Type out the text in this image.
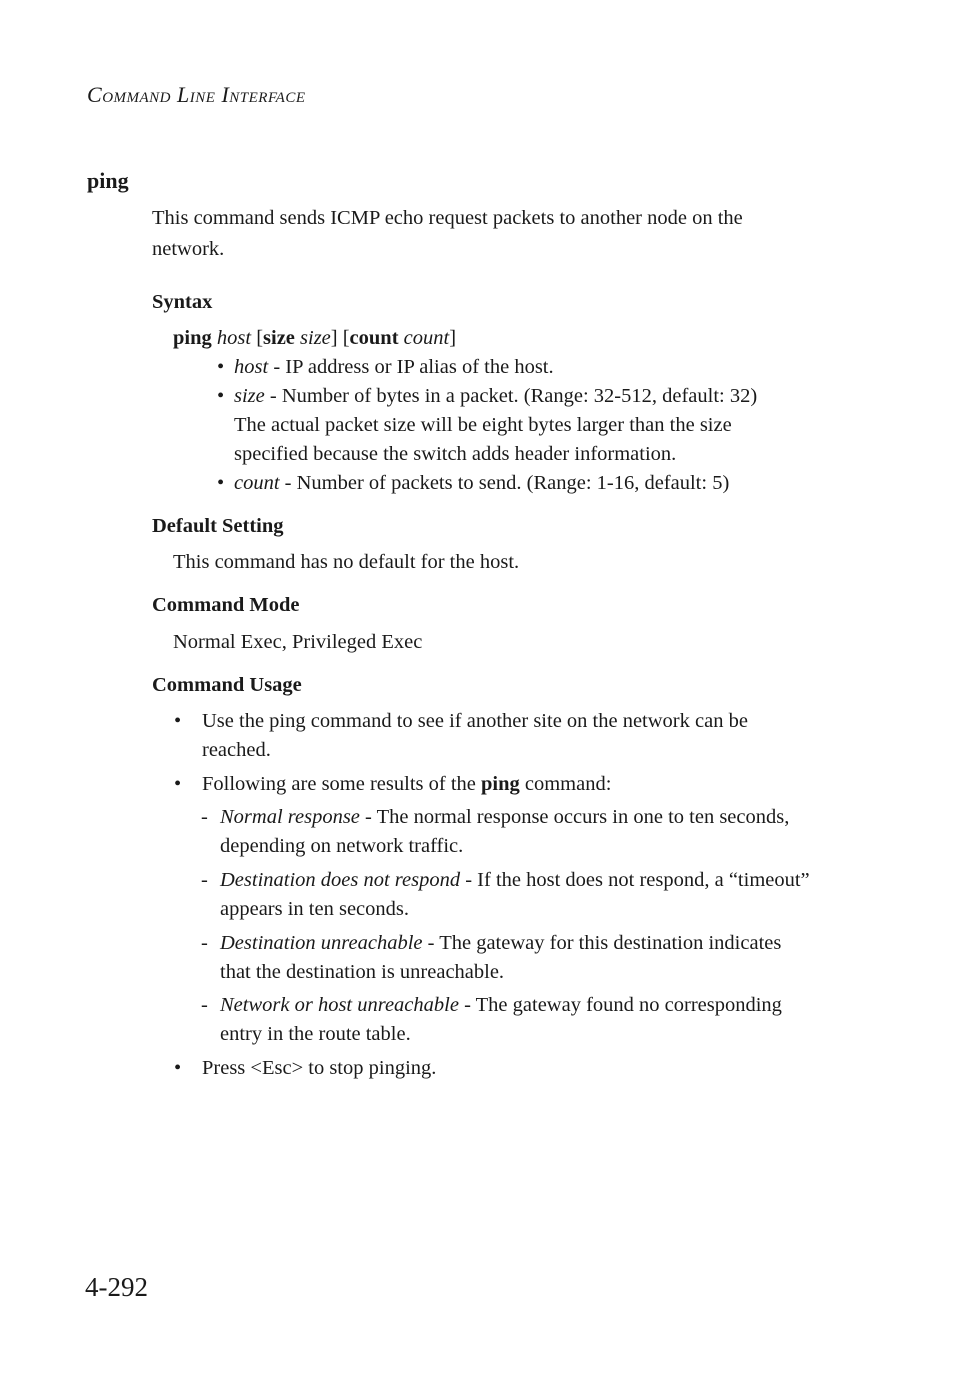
COMMAND LINE INTERFACE
ping
This command sends ICMP echo request packets to another node on the
network.
Syntax
ping host [size size] [count count]
• host - IP address or IP alias of the host.
• size - Number of bytes in a packet. (Range: 32-512, default: 32)
The actual packet size will be eight bytes larger than the size
specified because the switch adds header information.
• count - Number of packets to send. (Range: 1-16, default: 5)
Default Setting
This command has no default for the host.
Command Mode
Normal Exec, Privileged Exec
Command Usage
• Use the ping command to see if another site on the network can be
reached.
• Following are some results of the ping command:
- Normal response - The normal response occurs in one to ten seconds,
depending on network traffic.
- Destination does not respond - If the host does not respond, a “timeout”
appears in ten seconds.
- Destination unreachable - The gateway for this destination indicates
that the destination is unreachable.
- Network or host unreachable - The gateway found no corresponding
entry in the route table.
• Press <Esc> to stop pinging.
4-292
